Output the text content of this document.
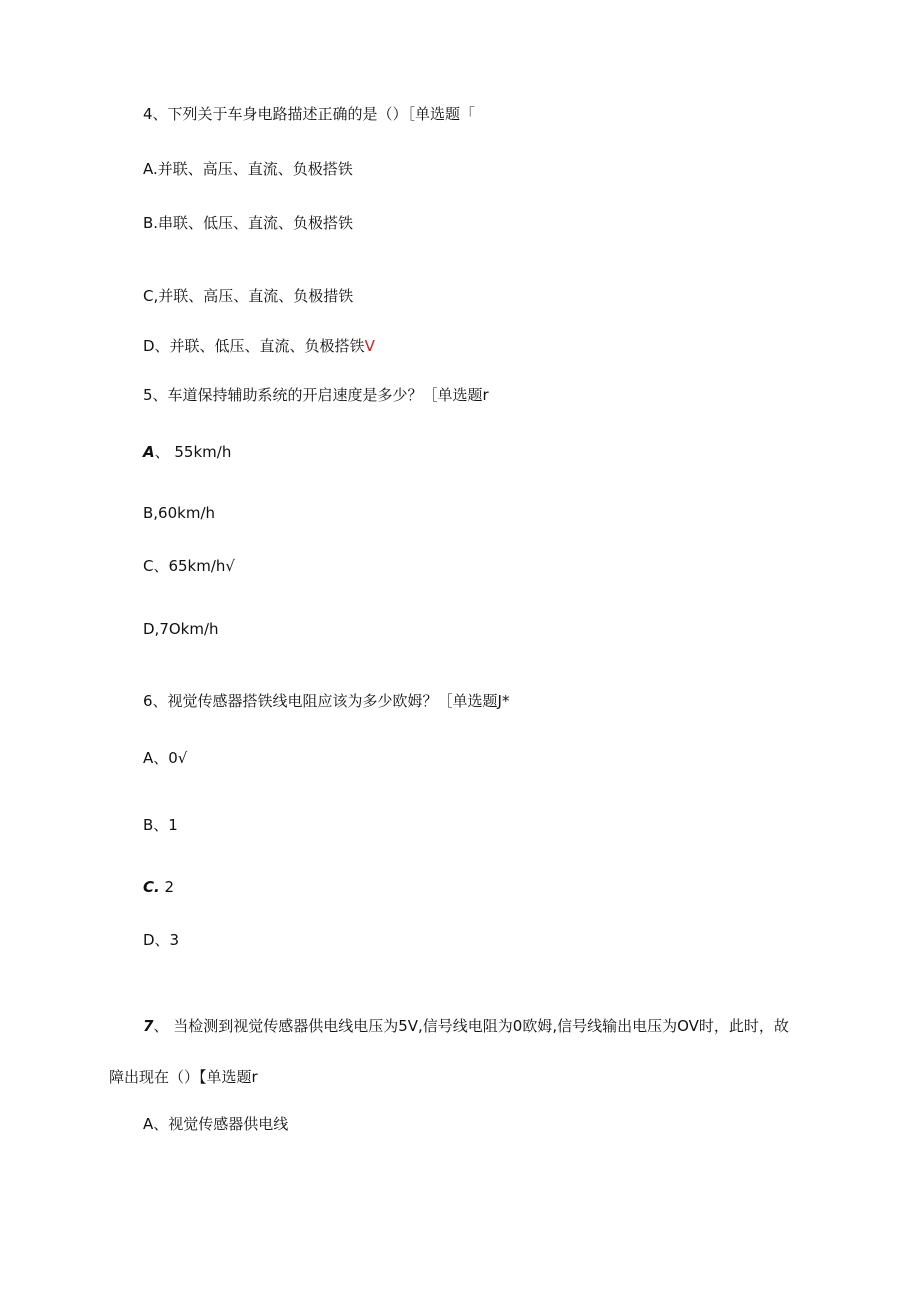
4、下列关于车身电路描述正确的是（）［单选题「
A.并联、高压、直流、负极搭铁
B.串联、低压、直流、负极搭铁
C,并联、高压、直流、负极措铁
D、并联、低压、直流、负极搭铁V
5、车道保持辅助系统的开启速度是多少？［单选题r
A、 55km∕h
B,60km∕h
C、65km∕h√
D,7Okm∕h
6、视觉传感器搭铁线电阻应该为多少欧姆？［单选题J*
A、0√
B、1
C. 2
D、3
7、 当检测到视觉传感器供电线电压为5V,信号线电阻为0欧姆,信号线输出电压为OV时，此时，故
障出现在（）【单选题r
A、视觉传感器供电线
